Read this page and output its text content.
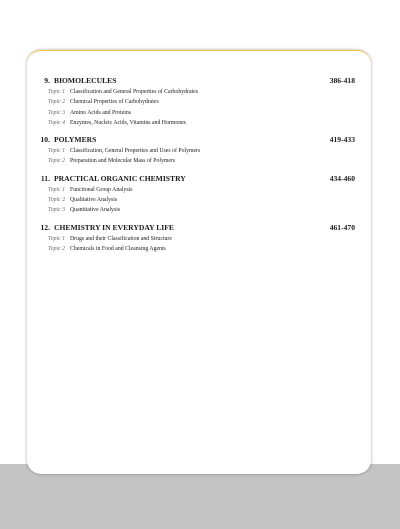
9. BIOMOLECULES	386-418
Topic 1 Classification and General Properties of Carbohydrates
Topic 2 Chemical Properties of Carbohydrates
Topic 3 Amino Acids and Proteins
Topic 4 Enzymes, Nucleic Acids, Vitamins and Hormones
10. POLYMERS	419-433
Topic 1 Classification, General Properties and Uses of Polymers
Topic 2 Preparation and Molecular Mass of Polymers
11. PRACTICAL ORGANIC CHEMISTRY	434-460
Topic 1 Functional Group Analysis
Topic 2 Qualitative Analysis
Topic 3 Quantitative Analysis
12. CHEMISTRY IN EVERYDAY LIFE	461-470
Topic 1 Drugs and their Classification and Structure
Topic 2 Chemicals in Food and Cleansing Agents
